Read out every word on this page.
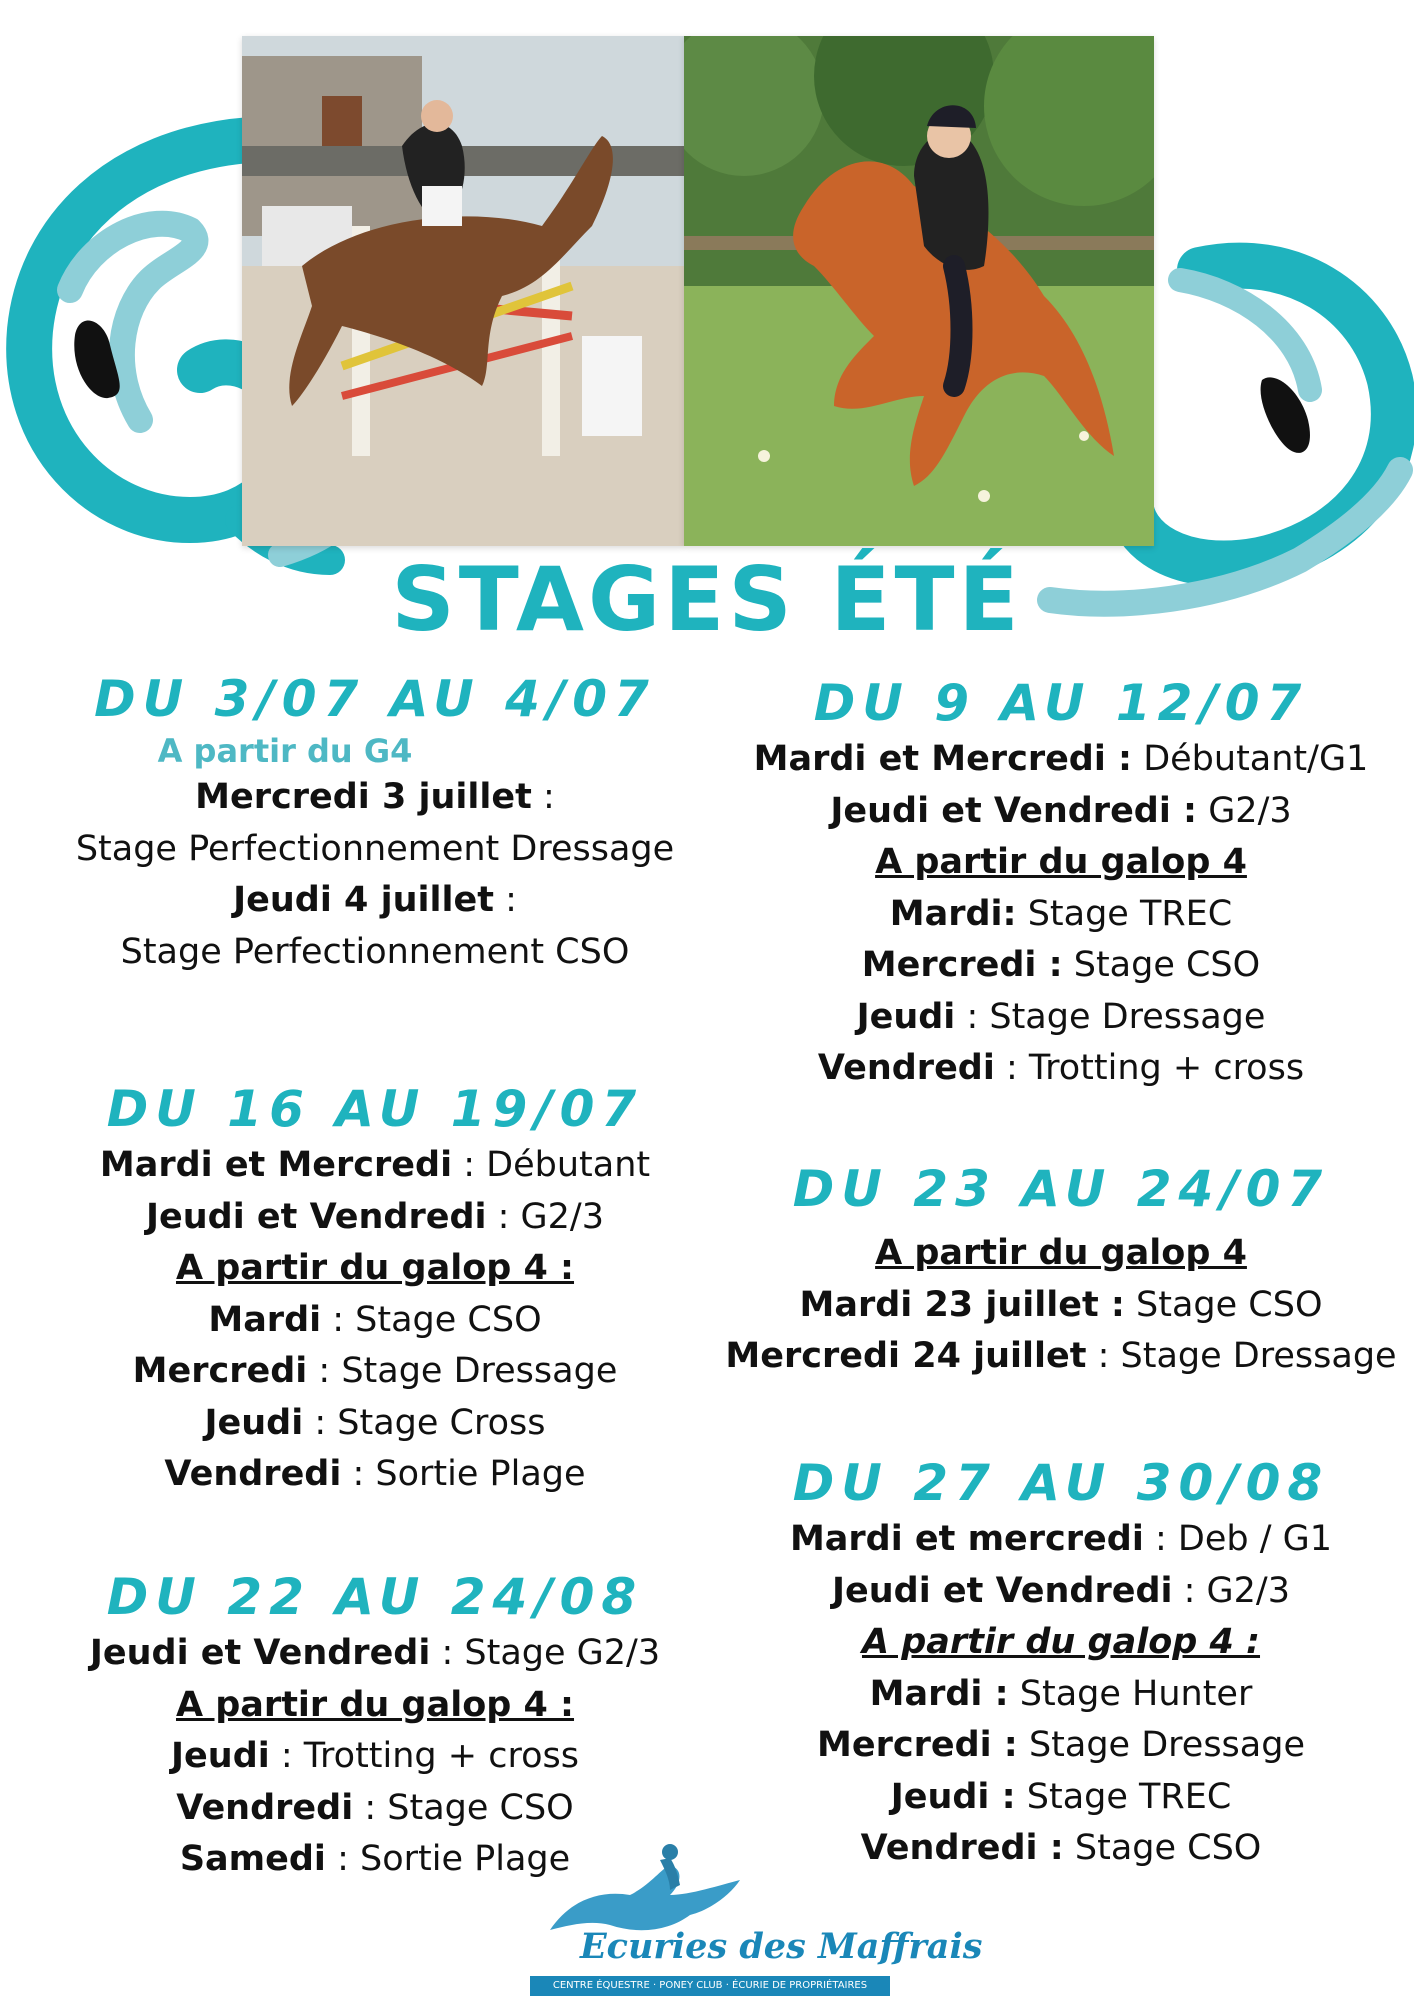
STAGES ÉTÉ
DU 3/07 AU 4/07

A partir du G4

Mercredi 3 juillet :

Stage Perfectionnement Dressage

Jeudi 4 juillet :

Stage Perfectionnement CSO

DU 16 AU 19/07

Mardi et Mercredi : Débutant

Jeudi et Vendredi : G2/3

A partir du galop 4 :

Mardi : Stage CSO

Mercredi : Stage Dressage

Jeudi : Stage Cross

Vendredi : Sortie Plage

DU 22 AU 24/08

Jeudi et Vendredi : Stage G2/3

A partir du galop 4 :

Jeudi : Trotting + cross

Vendredi : Stage CSO

Samedi : Sortie Plage

DU 9 AU 12/07

Mardi et Mercredi : Débutant/G1

Jeudi et Vendredi : G2/3

A partir du galop 4

Mardi: Stage TREC

Mercredi : Stage CSO

Jeudi : Stage Dressage

Vendredi : Trotting + cross

DU 23 AU 24/07

A partir du galop 4

Mardi 23 juillet : Stage CSO

Mercredi 24 juillet : Stage Dressage

DU 27 AU 30/08

Mardi et mercredi : Deb / G1

Jeudi et Vendredi : G2/3

A partir du galop 4 :

Mardi : Stage Hunter

Mercredi : Stage Dressage

Jeudi : Stage TREC

Vendredi : Stage CSO

Ecuries des Maffrais
CENTRE ÉQUESTRE · PONEY CLUB · ÉCURIE DE PROPRIÉTAIRES
